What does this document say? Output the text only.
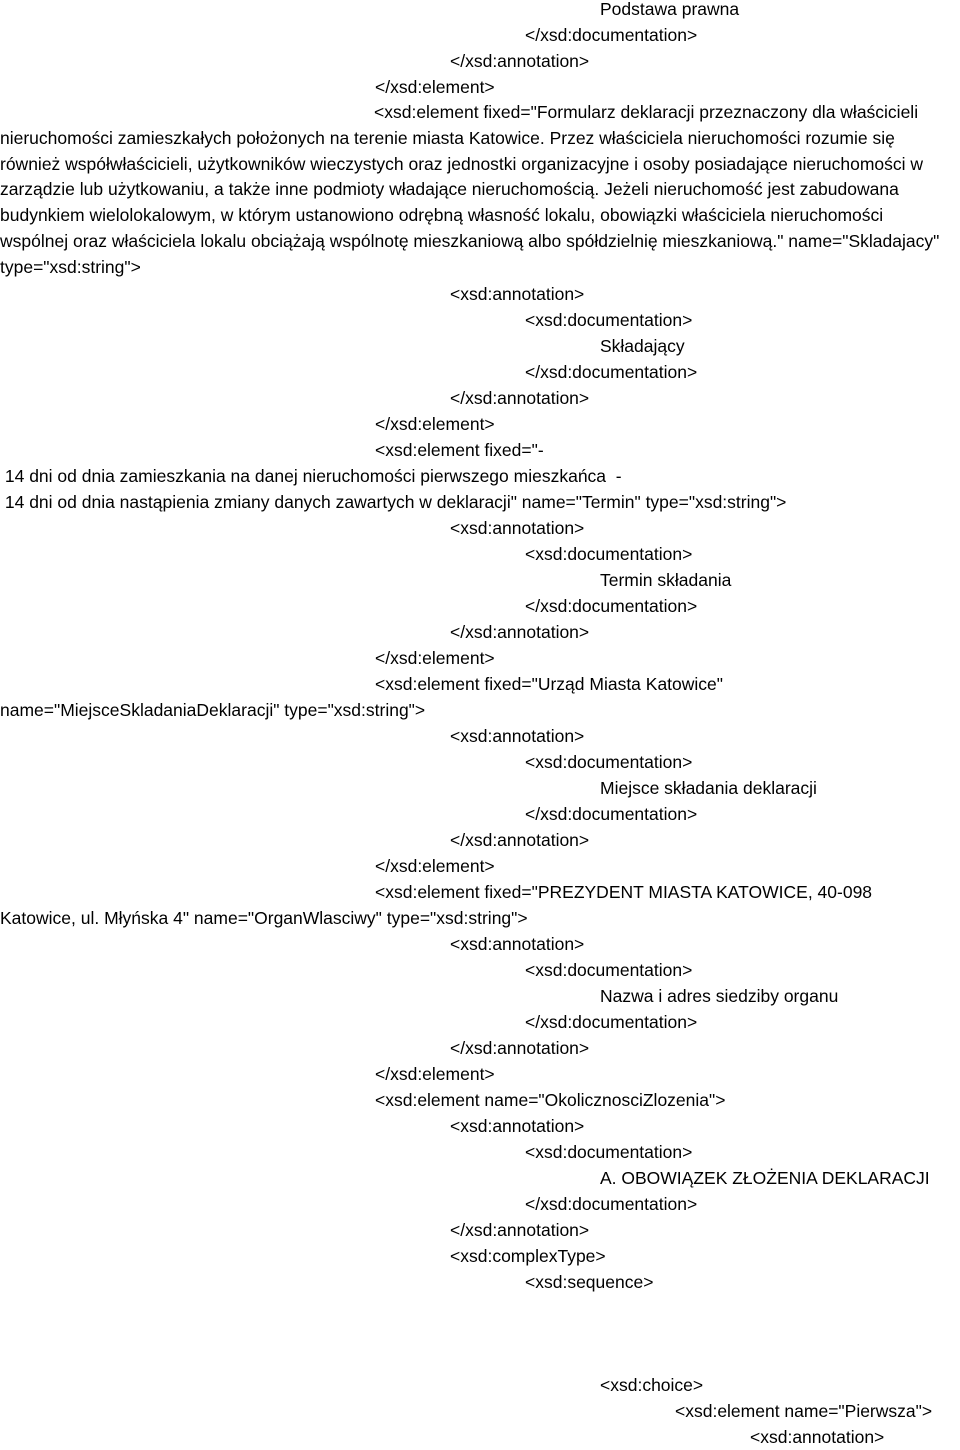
Podstawa prawna
</xsd:documentation>
</xsd:annotation>
</xsd:element>
<xsd:element fixed="Formularz deklaracji przeznaczony dla właścicieli nieruchomości zamieszkałych położonych na terenie miasta Katowice. Przez właściciela nieruchomości rozumie się również współwłaścicieli, użytkowników wieczystych oraz jednostki organizacyjne i osoby posiadające nieruchomości w zarządzie lub użytkowaniu, a także inne podmioty władające nieruchomością. Jeżeli nieruchomość jest zabudowana budynkiem wielolokalowym, w którym ustanowiono odrębną własność lokalu, obowiązki właściciela nieruchomości wspólnej oraz właściciela lokalu obciążają wspólnotę mieszkaniową albo spółdzielnię mieszkaniową." name="Skladajacy" type="xsd:string">
<xsd:annotation>
<xsd:documentation>
Składający
</xsd:documentation>
</xsd:annotation>
</xsd:element>
<xsd:element fixed="-
14 dni od dnia zamieszkania na danej nieruchomości pierwszego mieszkańca  -
14 dni od dnia nastąpienia zmiany danych zawartych w deklaracji" name="Termin" type="xsd:string">
<xsd:annotation>
<xsd:documentation>
Termin składania
</xsd:documentation>
</xsd:annotation>
</xsd:element>
<xsd:element fixed="Urząd Miasta Katowice"
name="MiejsceSkladaniaDeklaracji" type="xsd:string">
<xsd:annotation>
<xsd:documentation>
Miejsce składania deklaracji
</xsd:documentation>
</xsd:annotation>
</xsd:element>
<xsd:element fixed="PREZYDENT MIASTA KATOWICE, 40-098
Katowice, ul. Młyńska 4" name="OrganWlasciwy" type="xsd:string">
<xsd:annotation>
<xsd:documentation>
Nazwa i adres siedziby organu
</xsd:documentation>
</xsd:annotation>
</xsd:element>
<xsd:element name="OkolicznosciZlozenia">
<xsd:annotation>
<xsd:documentation>
A. OBOWIĄZEK ZŁOŻENIA DEKLARACJI
</xsd:documentation>
</xsd:annotation>
<xsd:complexType>
<xsd:sequence>
<xsd:choice>
<xsd:element name="Pierwsza">
<xsd:annotation>
